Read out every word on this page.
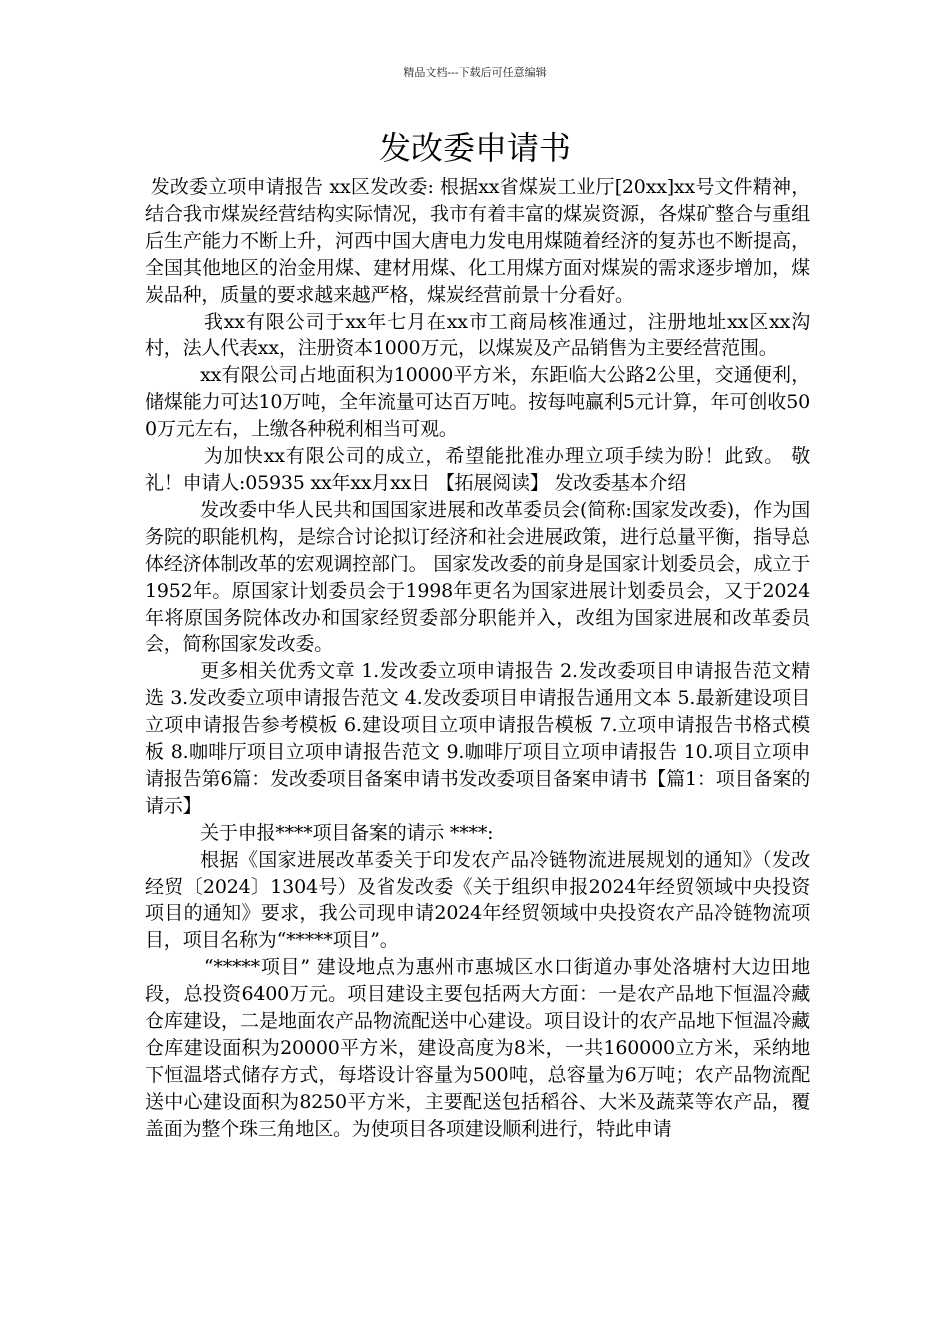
精品文档---下载后可任意编辑
发改委申请书

发改委立项申请报告 xx区发改委: 根据xx省煤炭工业厅[20xx]xx号文件精神，结合我市煤炭经营结构实际情况，我市有着丰富的煤炭资源，各煤矿整合与重组后生产能力不断上升，河西中国大唐电力发电用煤随着经济的复苏也不断提高，全国其他地区的治金用煤、建材用煤、化工用煤方面对煤炭的需求逐步增加，煤炭品种，质量的要求越来越严格，煤炭经营前景十分看好。

我xx有限公司于xx年七月在xx市工商局核准通过，注册地址xx区xx沟村，法人代表xx，注册资本1000万元，以煤炭及产品销售为主要经营范围。

xx有限公司占地面积为10000平方米，东距临大公路2公里，交通便利，储煤能力可达10万吨，全年流量可达百万吨。按每吨赢利5元计算，年可创收500万元左右，上缴各种税利相当可观。

为加快xx有限公司的成立，希望能批准办理立项手续为盼！此致。 敬礼！申请人:05935 xx年xx月xx日 【拓展阅读】 发改委基本介绍

发改委中华人民共和国国家进展和改革委员会(简称:国家发改委)，作为国务院的职能机构，是综合讨论拟订经济和社会进展政策，进行总量平衡，指导总体经济体制改革的宏观调控部门。 国家发改委的前身是国家计划委员会，成立于1952年。原国家计划委员会于1998年更名为国家进展计划委员会，又于2024年将原国务院体改办和国家经贸委部分职能并入，改组为国家进展和改革委员会，简称国家发改委。

更多相关优秀文章 1.发改委立项申请报告 2.发改委项目申请报告范文精选 3.发改委立项申请报告范文 4.发改委项目申请报告通用文本 5.最新建设项目立项申请报告参考模板 6.建设项目立项申请报告模板 7.立项申请报告书格式模板 8.咖啡厅项目立项申请报告范文 9.咖啡厅项目立项申请报告 10.项目立项申请报告第6篇：发改委项目备案申请书发改委项目备案申请书【篇1：项目备案的请示】

关于申报****项目备案的请示 ****:

根据《国家进展改革委关于印发农产品冷链物流进展规划的通知》（发改经贸〔2024〕1304号）及省发改委《关于组织申报2024年经贸领域中央投资项目的通知》要求，我公司现申请2024年经贸领域中央投资农产品冷链物流项目，项目名称为“*****项目”。

“*****项目” 建设地点为惠州市惠城区水口街道办事处洛塘村大边田地段，总投资6400万元。项目建设主要包括两大方面：一是农产品地下恒温冷藏仓库建设，二是地面农产品物流配送中心建设。项目设计的农产品地下恒温冷藏仓库建设面积为20000平方米，建设高度为8米，一共160000立方米，采纳地下恒温塔式储存方式，每塔设计容量为500吨，总容量为6万吨；农产品物流配送中心建设面积为8250平方米，主要配送包括稻谷、大米及蔬菜等农产品，覆盖面为整个珠三角地区。为使项目各项建设顺利进行，特此申请
